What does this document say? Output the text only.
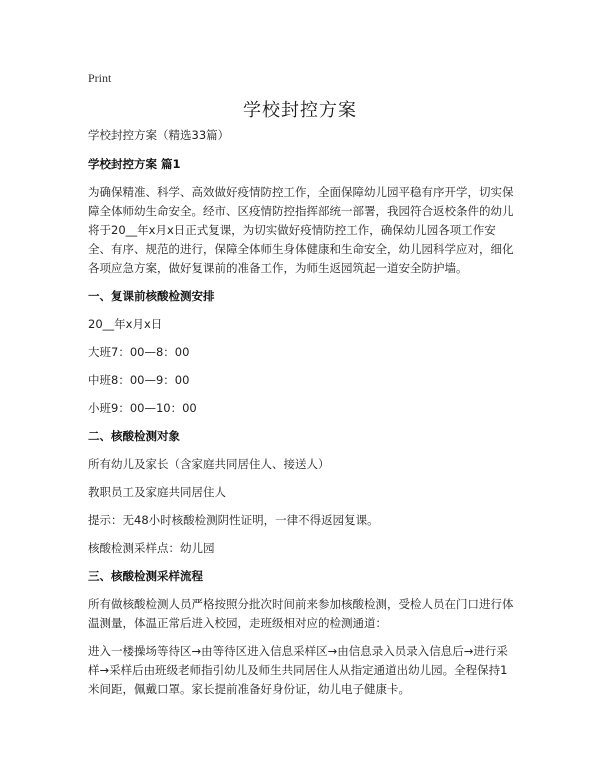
Print
学校封控方案
学校封控方案（精选33篇）
学校封控方案 篇1
为确保精准、科学、高效做好疫情防控工作，全面保障幼儿园平稳有序开学，切实保障全体师幼生命安全。经市、区疫情防控指挥部统一部署，我园符合返校条件的幼儿将于20__年x月x日正式复课，为切实做好疫情防控工作，确保幼儿园各项工作安全、有序、规范的进行，保障全体师生身体健康和生命安全，幼儿园科学应对，细化各项应急方案，做好复课前的准备工作，为师生返园筑起一道安全防护墙。
一、复课前核酸检测安排
20__年x月x日
大班7：00—8：00
中班8：00—9：00
小班9：00—10：00
二、核酸检测对象
所有幼儿及家长（含家庭共同居住人、接送人）
教职员工及家庭共同居住人
提示：无48小时核酸检测阴性证明，一律不得返园复课。
核酸检测采样点：幼儿园
三、核酸检测采样流程
所有做核酸检测人员严格按照分批次时间前来参加核酸检测，受检人员在门口进行体温测量，体温正常后进入校园，走班级相对应的检测通道：
进入一楼操场等待区→由等待区进入信息采样区→由信息录入员录入信息后→进行采样→采样后由班级老师指引幼儿及师生共同居住人从指定通道出幼儿园。全程保持1米间距，佩戴口罩。家长提前准备好身份证，幼儿电子健康卡。
